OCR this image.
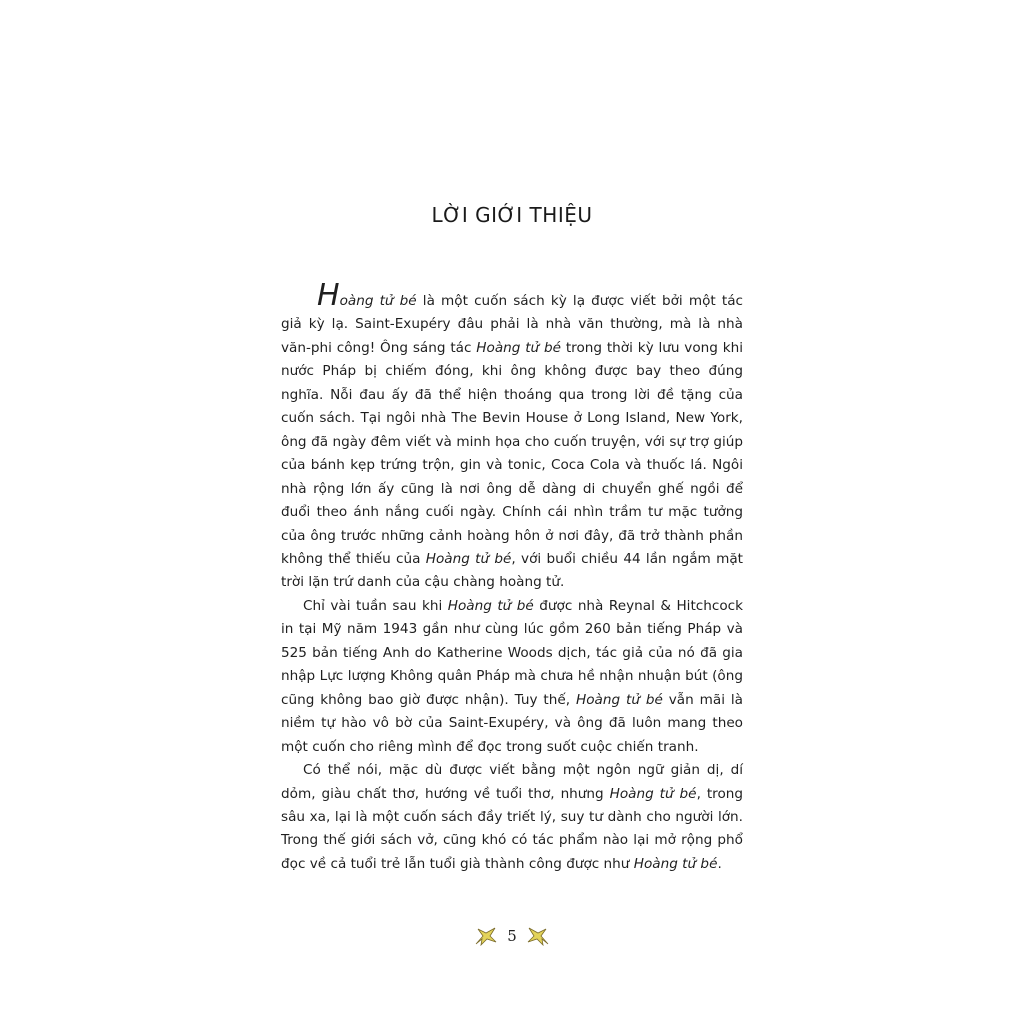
LỜI GIỚI THIỆU

Hoàng tử bé là một cuốn sách kỳ lạ được viết bởi một tác giả kỳ lạ. Saint-Exupéry đâu phải là nhà văn thường, mà là nhà văn-phi công! Ông sáng tác Hoàng tử bé trong thời kỳ lưu vong khi nước Pháp bị chiếm đóng, khi ông không được bay theo đúng nghĩa. Nỗi đau ấy đã thể hiện thoáng qua trong lời đề tặng của cuốn sách. Tại ngôi nhà The Bevin House ở Long Island, New York, ông đã ngày đêm viết và minh họa cho cuốn truyện, với sự trợ giúp của bánh kẹp trứng trộn, gin và tonic, Coca Cola và thuốc lá. Ngôi nhà rộng lớn ấy cũng là nơi ông dễ dàng di chuyển ghế ngồi để đuổi theo ánh nắng cuối ngày. Chính cái nhìn trầm tư mặc tưởng của ông trước những cảnh hoàng hôn ở nơi đây, đã trở thành phần không thể thiếu của Hoàng tử bé, với buổi chiều 44 lần ngắm mặt trời lặn trứ danh của cậu chàng hoàng tử.

Chỉ vài tuần sau khi Hoàng tử bé được nhà Reynal & Hitchcock in tại Mỹ năm 1943 gần như cùng lúc gồm 260 bản tiếng Pháp và 525 bản tiếng Anh do Katherine Woods dịch, tác giả của nó đã gia nhập Lực lượng Không quân Pháp mà chưa hề nhận nhuận bút (ông cũng không bao giờ được nhận). Tuy thế, Hoàng tử bé vẫn mãi là niềm tự hào vô bờ của Saint-Exupéry, và ông đã luôn mang theo một cuốn cho riêng mình để đọc trong suốt cuộc chiến tranh.

Có thể nói, mặc dù được viết bằng một ngôn ngữ giản dị, dí dỏm, giàu chất thơ, hướng về tuổi thơ, nhưng Hoàng tử bé, trong sâu xa, lại là một cuốn sách đầy triết lý, suy tư dành cho người lớn. Trong thế giới sách vở, cũng khó có tác phẩm nào lại mở rộng phổ đọc về cả tuổi trẻ lẫn tuổi già thành công được như Hoàng tử bé.

5
